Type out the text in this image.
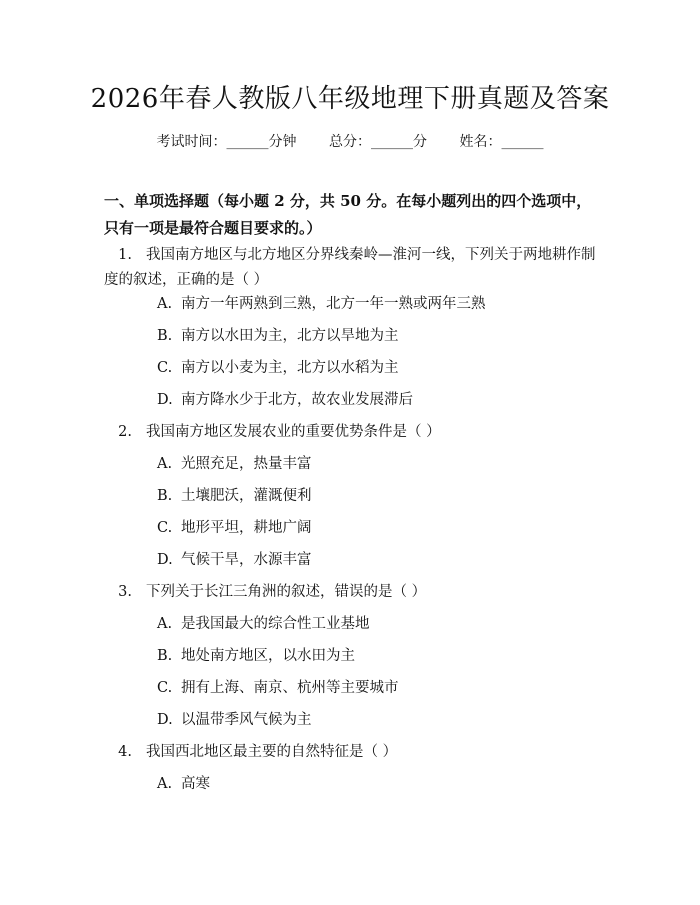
2026年春人教版八年级地理下册真题及答案
考试时间：______分钟 总分：______分 姓名：______
一、单项选择题（每小题 2 分，共 50 分。在每小题列出的四个选项中，只有一项是最符合题目要求的。）
1. 我国南方地区与北方地区分界线秦岭—淮河一线，下列关于两地耕作制度的叙述，正确的是（ ）
A. 南方一年两熟到三熟，北方一年一熟或两年三熟
B. 南方以水田为主，北方以旱地为主
C. 南方以小麦为主，北方以水稻为主
D. 南方降水少于北方，故农业发展滞后
2. 我国南方地区发展农业的重要优势条件是（ ）
A. 光照充足，热量丰富
B. 土壤肥沃，灌溉便利
C. 地形平坦，耕地广阔
D. 气候干旱，水源丰富
3. 下列关于长江三角洲的叙述，错误的是（ ）
A. 是我国最大的综合性工业基地
B. 地处南方地区，以水田为主
C. 拥有上海、南京、杭州等主要城市
D. 以温带季风气候为主
4. 我国西北地区最主要的自然特征是（ ）
A. 高寒
